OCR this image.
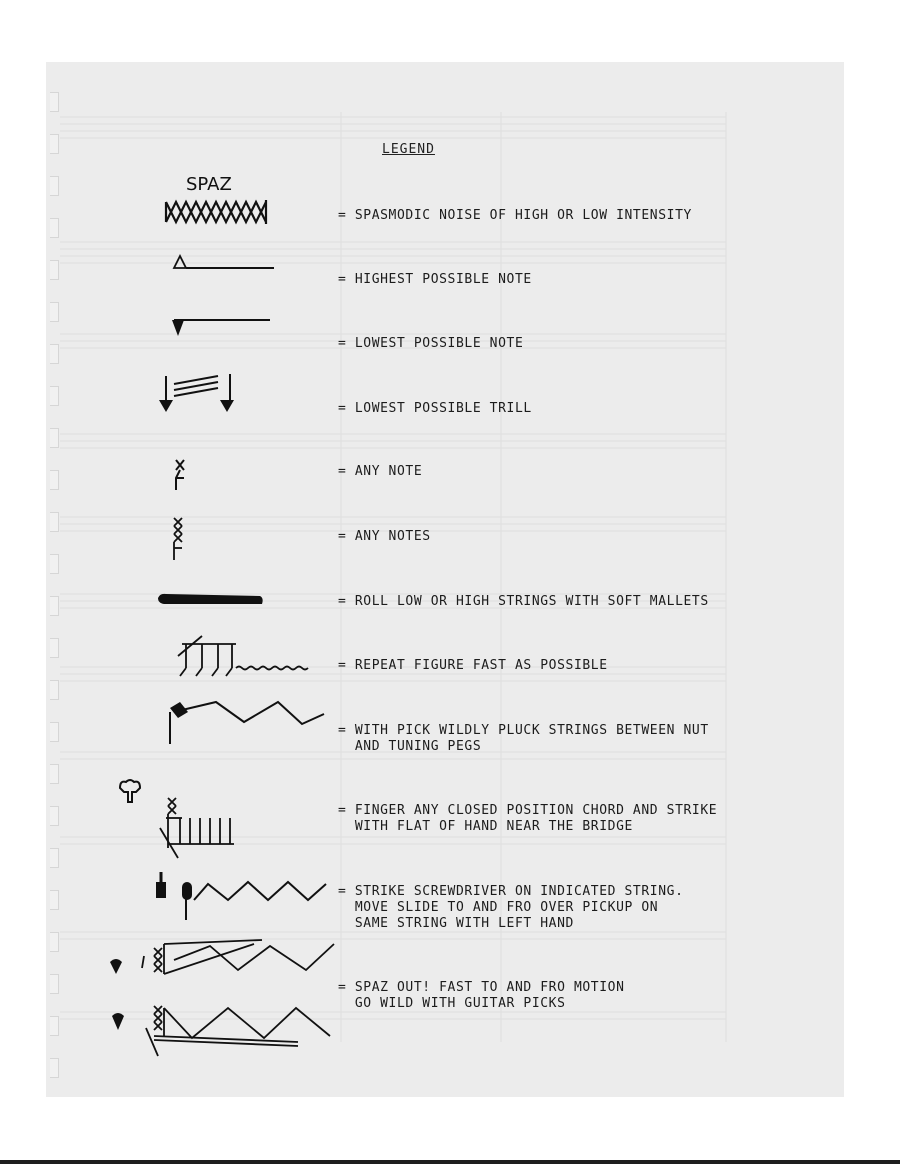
LEGEND
SPAZ
= SPASMODIC NOISE OF HIGH OR LOW INTENSITY
= HIGHEST POSSIBLE NOTE
= LOWEST POSSIBLE NOTE
= LOWEST POSSIBLE TRILL
= ANY NOTE
= ANY NOTES
= ROLL LOW OR HIGH STRINGS WITH SOFT MALLETS
= REPEAT FIGURE FAST AS POSSIBLE
= WITH PICK WILDLY PLUCK STRINGS BETWEEN NUT
AND TUNING PEGS
= FINGER ANY CLOSED POSITION CHORD AND STRIKE
WITH FLAT OF HAND NEAR THE BRIDGE
= STRIKE SCREWDRIVER ON INDICATED STRING.
MOVE SLIDE TO AND FRO OVER PICKUP ON
SAME STRING WITH LEFT HAND
= SPAZ OUT! FAST TO AND FRO MOTION
GO WILD WITH GUITAR PICKS
